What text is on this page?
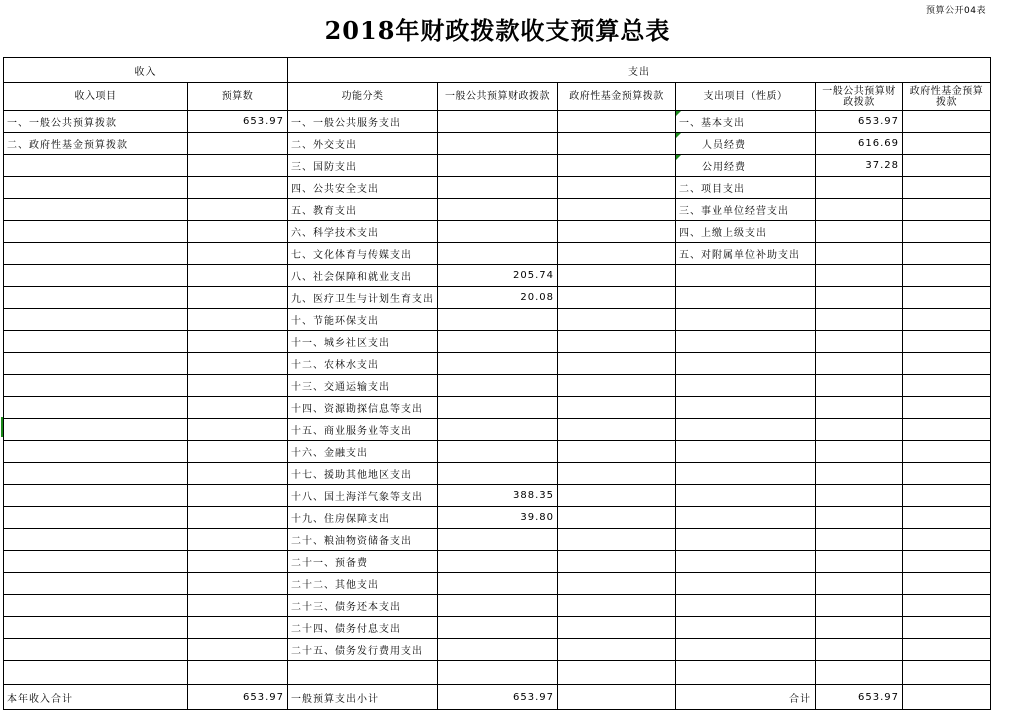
预算公开04表
2018年财政拨款收支预算总表
收入		支出					
收入项目	预算数	功能分类	一般公共预算财政拨款	政府性基金预算拨款	支出项目（性质）	一般公共预算财政拨款	政府性基金预算拨款
一、一般公共预算拨款	653.97	一、一般公共服务支出			一、基本支出	653.97	
二、政府性基金预算拨款		二、外交支出			人员经费	616.69	
		三、国防支出			公用经费	37.28	
		四、公共安全支出			二、项目支出		
		五、教育支出			三、事业单位经营支出		
		六、科学技术支出			四、上缴上级支出		
		七、文化体育与传媒支出			五、对附属单位补助支出		
		八、社会保障和就业支出	205.74				
		九、医疗卫生与计划生育支出	20.08				
		十、节能环保支出					
		十一、城乡社区支出					
		十二、农林水支出					
		十三、交通运输支出					
		十四、资源勘探信息等支出					
		十五、商业服务业等支出					
		十六、金融支出					
		十七、援助其他地区支出					
		十八、国土海洋气象等支出	388.35				
		十九、住房保障支出	39.80				
		二十、粮油物资储备支出					
		二十一、预备费					
		二十二、其他支出					
		二十三、债务还本支出					
		二十四、债务付息支出					
		二十五、债务发行费用支出					

本年收入合计	653.97	一般预算支出小计	653.97		合计	653.97	
